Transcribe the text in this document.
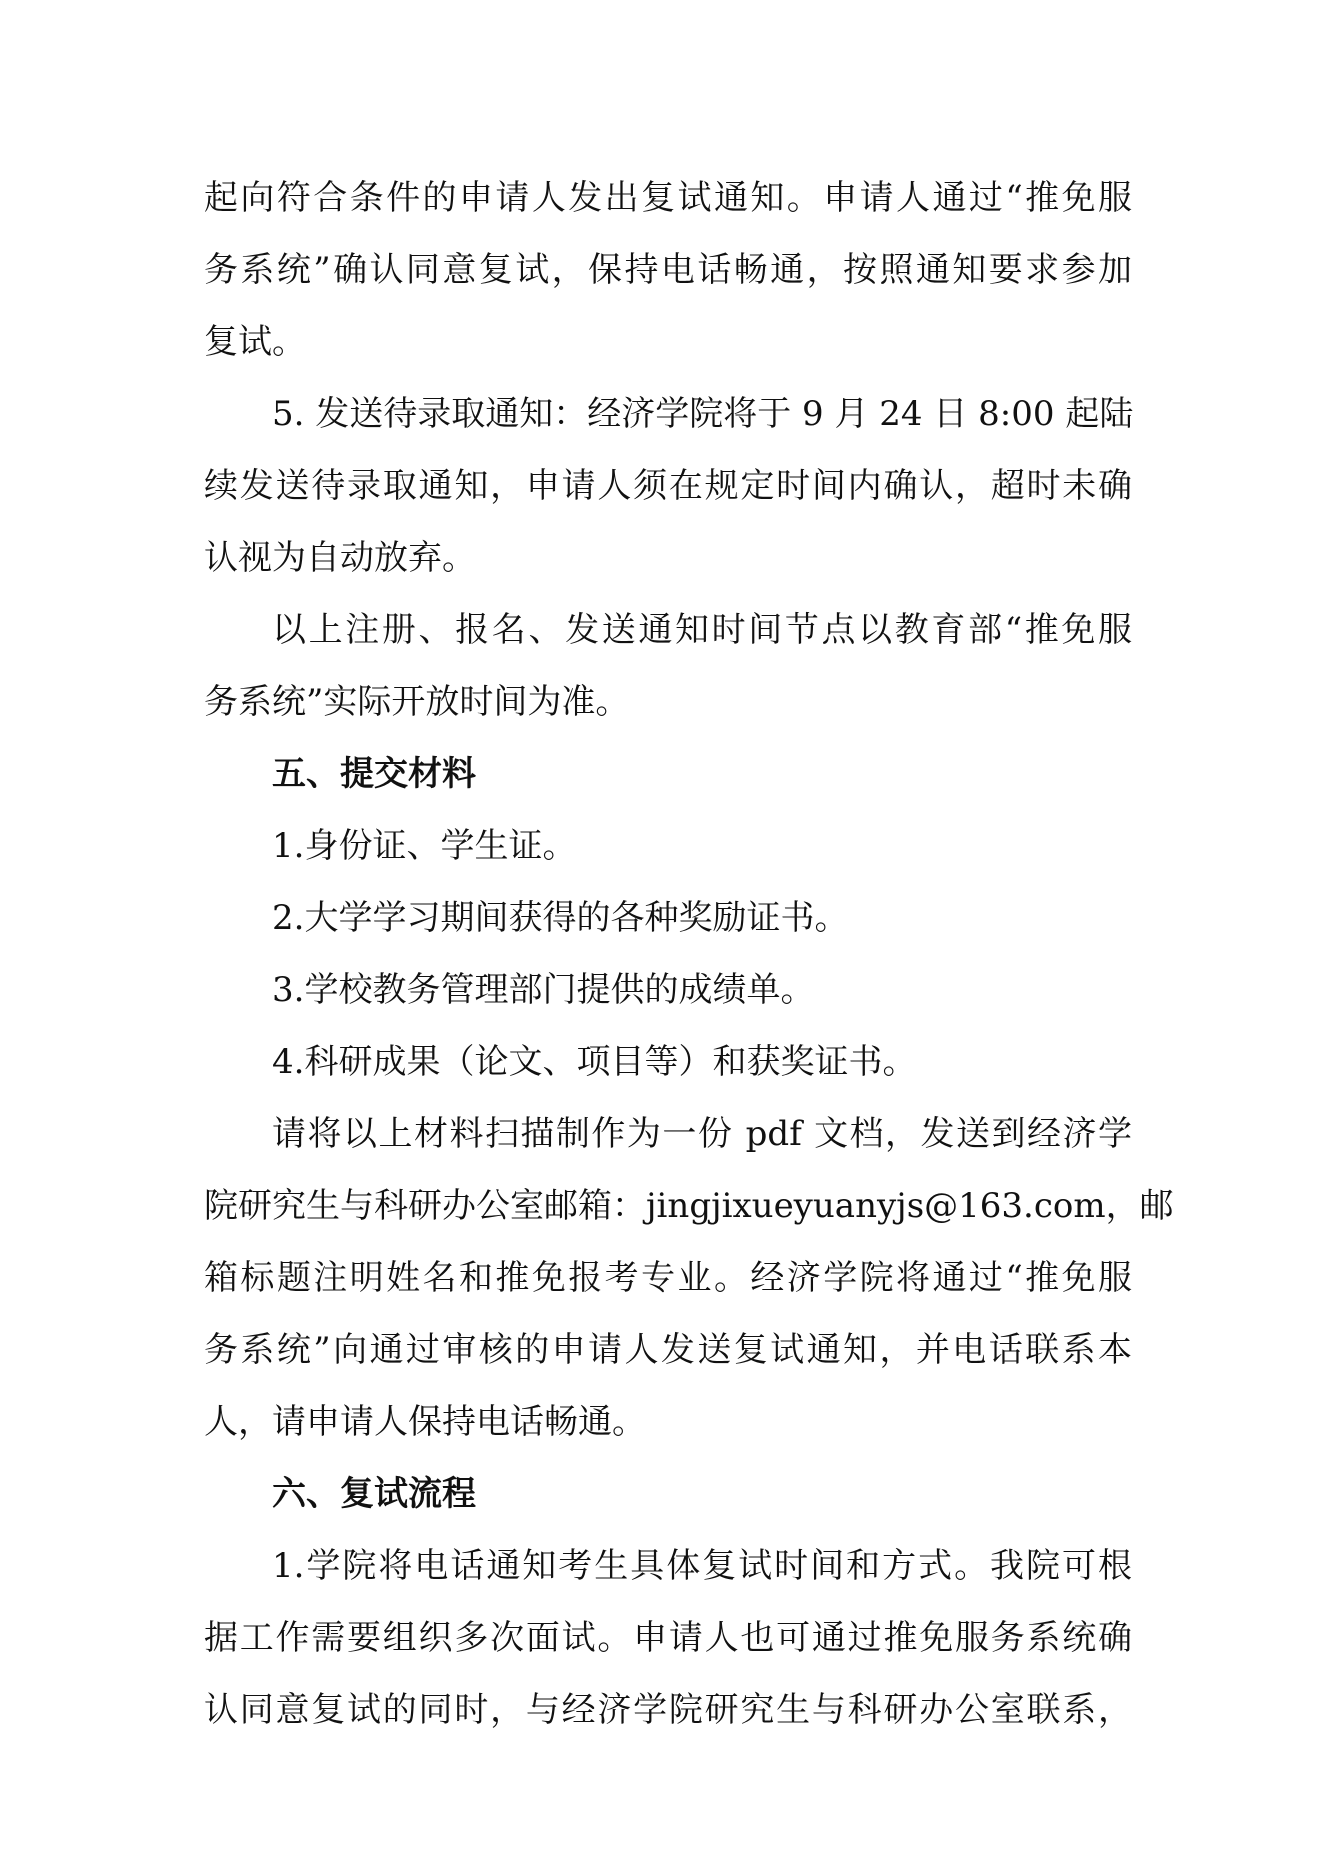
起向符合条件的申请人发出复试通知。申请人通过“推免服
务系统”确认同意复试，保持电话畅通，按照通知要求参加
复试。
5. 发送待录取通知：经济学院将于 9 月 24 日 8:00 起陆
续发送待录取通知，申请人须在规定时间内确认，超时未确
认视为自动放弃。
以上注册、报名、发送通知时间节点以教育部“推免服
务系统”实际开放时间为准。
五、提交材料
1.身份证、学生证。
2.大学学习期间获得的各种奖励证书。
3.学校教务管理部门提供的成绩单。
4.科研成果（论文、项目等）和获奖证书。
请将以上材料扫描制作为一份 pdf 文档，发送到经济学
院研究生与科研办公室邮箱：jingjixueyuanyjs@163.com，邮
箱标题注明姓名和推免报考专业。经济学院将通过“推免服
务系统”向通过审核的申请人发送复试通知，并电话联系本
人，请申请人保持电话畅通。
六、复试流程
1.学院将电话通知考生具体复试时间和方式。我院可根
据工作需要组织多次面试。申请人也可通过推免服务系统确
认同意复试的同时，与经济学院研究生与科研办公室联系，
